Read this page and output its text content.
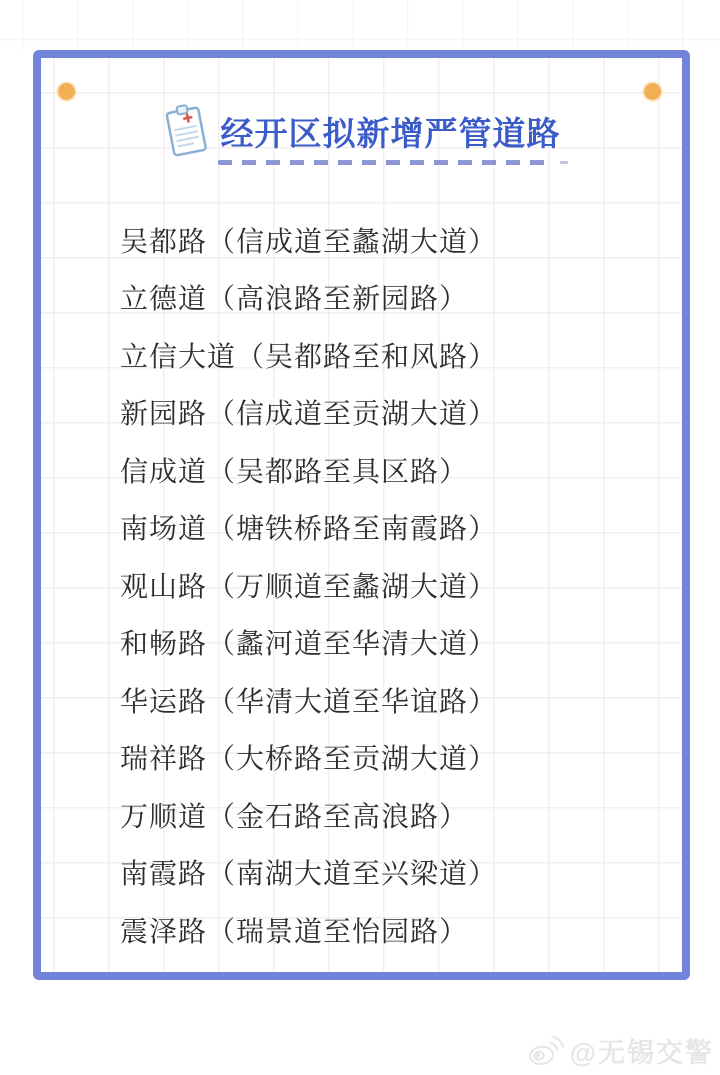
经开区拟新增严管道路
吴都路（信成道至蠡湖大道）
立德道（高浪路至新园路）
立信大道（吴都路至和风路）
新园路（信成道至贡湖大道）
信成道（吴都路至具区路）
南场道（塘铁桥路至南霞路）
观山路（万顺道至蠡湖大道）
和畅路（蠡河道至华清大道）
华运路（华清大道至华谊路）
瑞祥路（大桥路至贡湖大道）
万顺道（金石路至高浪路）
南霞路（南湖大道至兴梁道）
震泽路（瑞景道至怡园路）
@无锡交警
